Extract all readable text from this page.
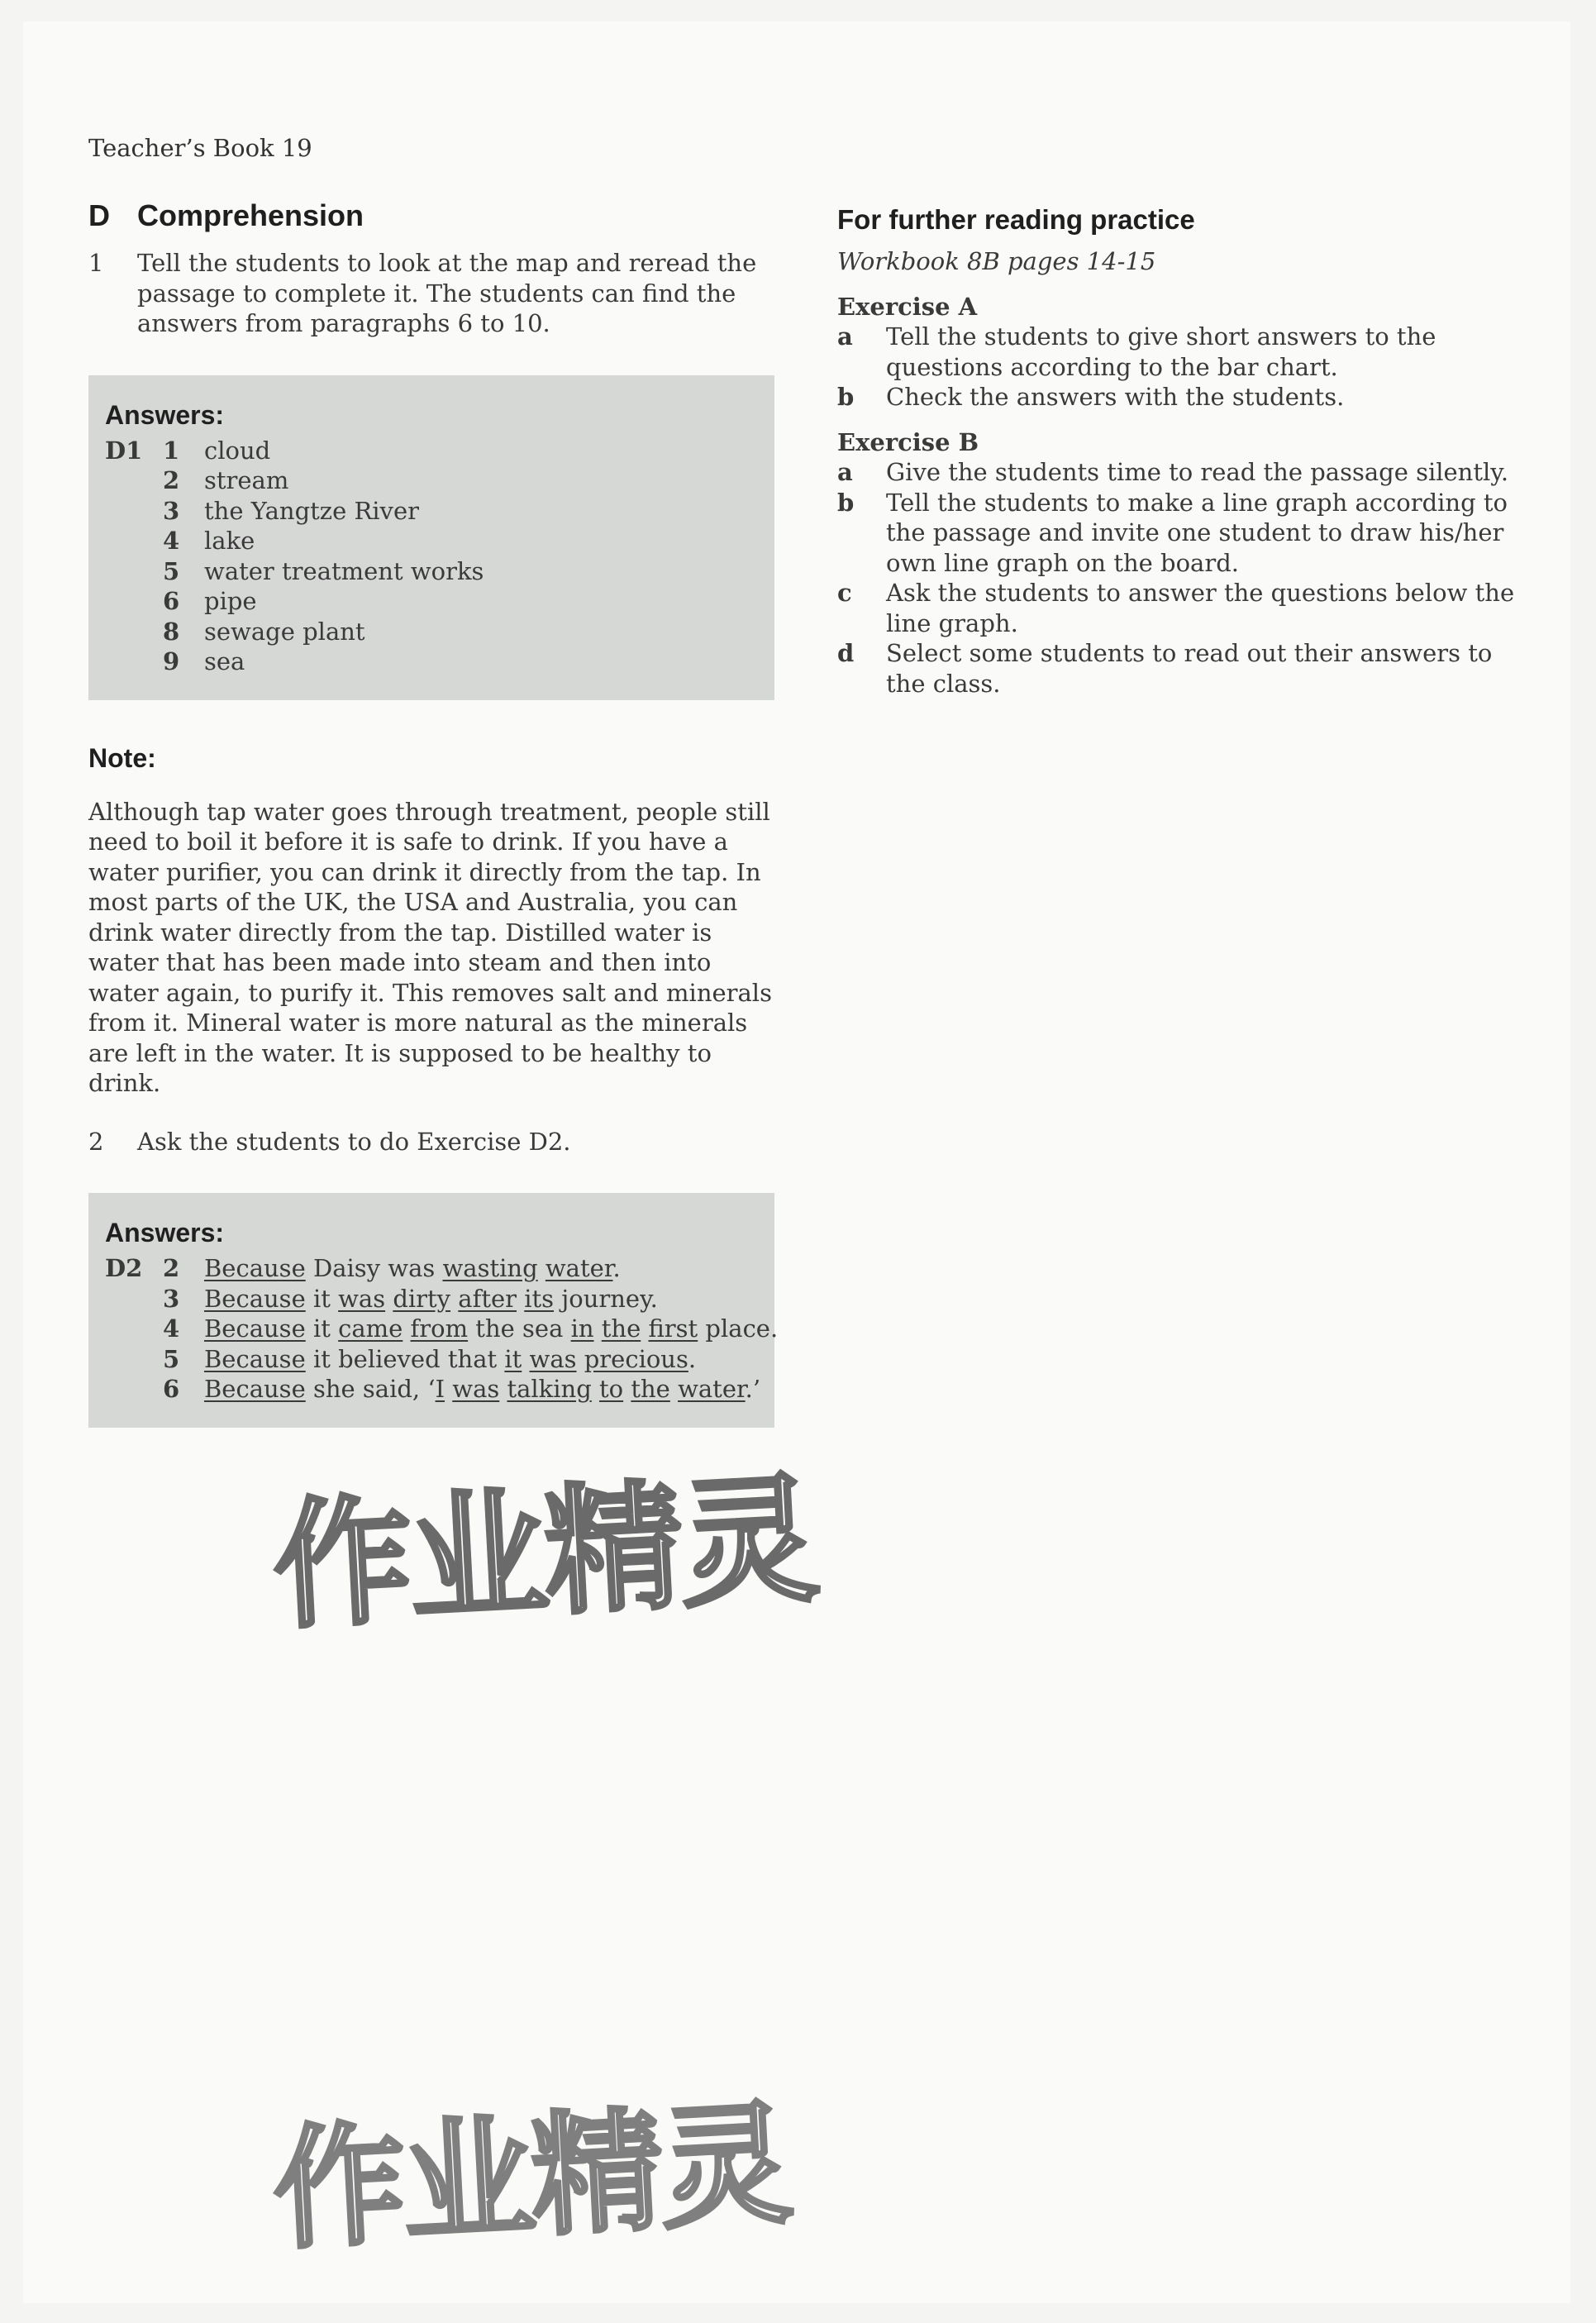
Teacher’s Book 19
D Comprehension
1	Tell the students to look at the map and reread the passage to complete it. The students can find the answers from paragraphs 6 to 10.
Answers:
D1 1	cloud
2	stream
3	the Yangtze River
4	lake
5	water treatment works
6	pipe
8	sewage plant
9	sea
Note:
Although tap water goes through treatment, people still need to boil it before it is safe to drink. If you have a water purifier, you can drink it directly from the tap. In most parts of the UK, the USA and Australia, you can drink water directly from the tap. Distilled water is water that has been made into steam and then into water again, to purify it. This removes salt and minerals from it. Mineral water is more natural as the minerals are left in the water. It is supposed to be healthy to drink.
2	Ask the students to do Exercise D2.
Answers:
D2 2	Because Daisy was wasting water.
3	Because it was dirty after its journey.
4	Because it came from the sea in the first place.
5	Because it believed that it was precious.
6	Because she said, ‘I was talking to the water.’
For further reading practice
Workbook 8B pages 14-15
Exercise A
a	Tell the students to give short answers to the questions according to the bar chart.
b	Check the answers with the students.
Exercise B
a	Give the students time to read the passage silently.
b	Tell the students to make a line graph according to the passage and invite one student to draw his/her own line graph on the board.
c	Ask the students to answer the questions below the line graph.
d	Select some students to read out their answers to the class.
作业精灵
作业精灵
